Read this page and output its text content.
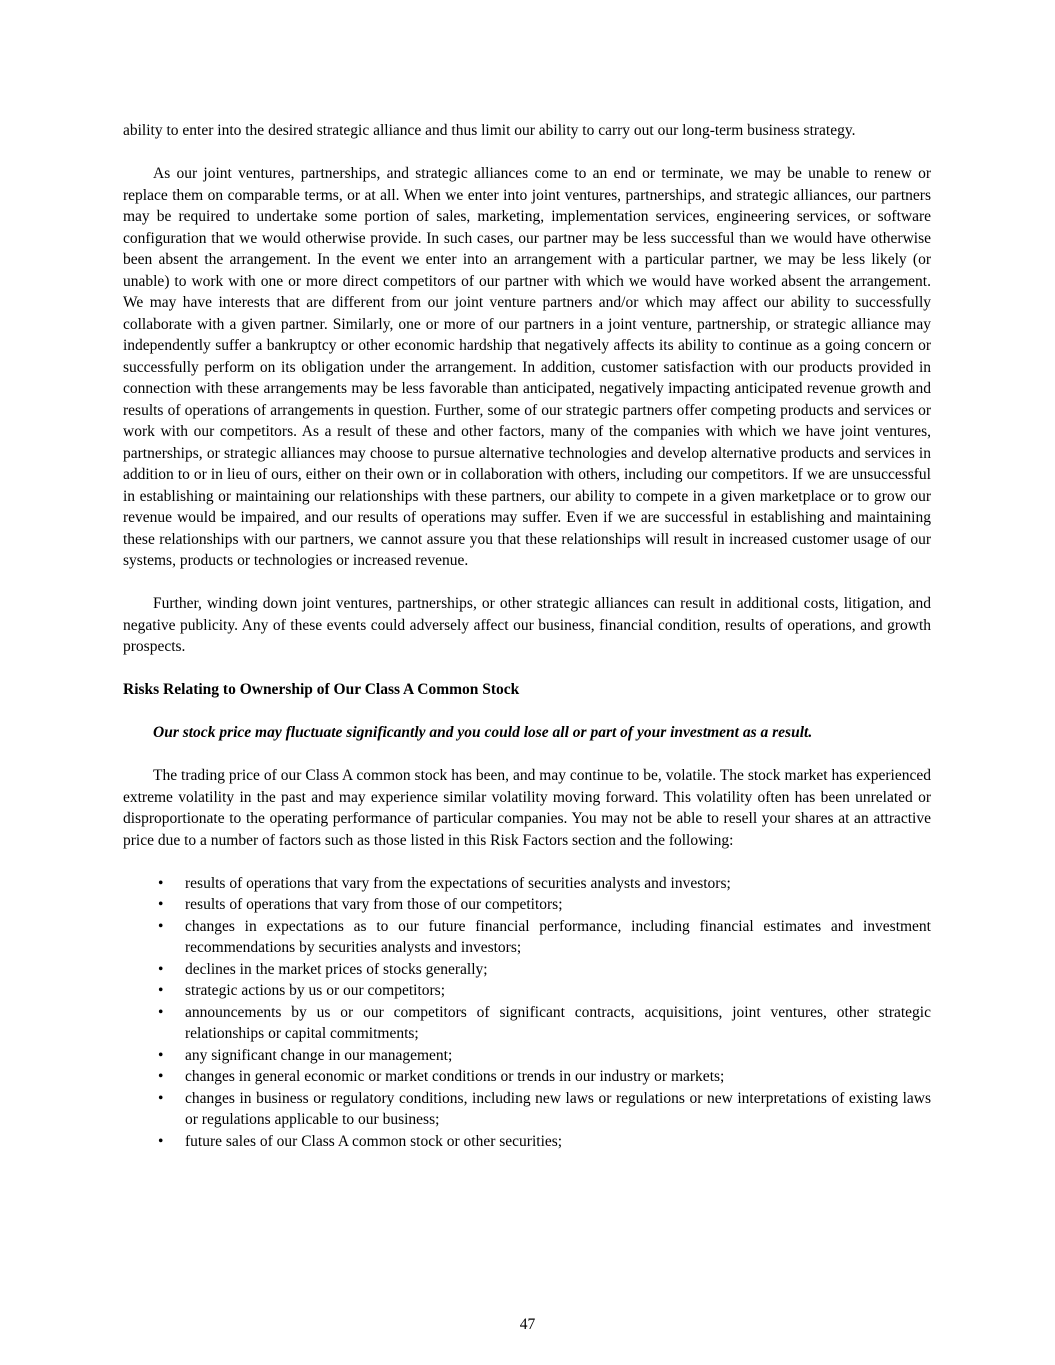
ability to enter into the desired strategic alliance and thus limit our ability to carry out our long-term business strategy.

As our joint ventures, partnerships, and strategic alliances come to an end or terminate, we may be unable to renew or replace them on comparable terms, or at all. When we enter into joint ventures, partnerships, and strategic alliances, our partners may be required to undertake some portion of sales, marketing, implementation services, engineering services, or software configuration that we would otherwise provide. In such cases, our partner may be less successful than we would have otherwise been absent the arrangement. In the event we enter into an arrangement with a particular partner, we may be less likely (or unable) to work with one or more direct competitors of our partner with which we would have worked absent the arrangement. We may have interests that are different from our joint venture partners and/or which may affect our ability to successfully collaborate with a given partner. Similarly, one or more of our partners in a joint venture, partnership, or strategic alliance may independently suffer a bankruptcy or other economic hardship that negatively affects its ability to continue as a going concern or successfully perform on its obligation under the arrangement. In addition, customer satisfaction with our products provided in connection with these arrangements may be less favorable than anticipated, negatively impacting anticipated revenue growth and results of operations of arrangements in question. Further, some of our strategic partners offer competing products and services or work with our competitors. As a result of these and other factors, many of the companies with which we have joint ventures, partnerships, or strategic alliances may choose to pursue alternative technologies and develop alternative products and services in addition to or in lieu of ours, either on their own or in collaboration with others, including our competitors. If we are unsuccessful in establishing or maintaining our relationships with these partners, our ability to compete in a given marketplace or to grow our revenue would be impaired, and our results of operations may suffer. Even if we are successful in establishing and maintaining these relationships with our partners, we cannot assure you that these relationships will result in increased customer usage of our systems, products or technologies or increased revenue.

Further, winding down joint ventures, partnerships, or other strategic alliances can result in additional costs, litigation, and negative publicity. Any of these events could adversely affect our business, financial condition, results of operations, and growth prospects.

Risks Relating to Ownership of Our Class A Common Stock

Our stock price may fluctuate significantly and you could lose all or part of your investment as a result.

The trading price of our Class A common stock has been, and may continue to be, volatile. The stock market has experienced extreme volatility in the past and may experience similar volatility moving forward. This volatility often has been unrelated or disproportionate to the operating performance of particular companies. You may not be able to resell your shares at an attractive price due to a number of factors such as those listed in this Risk Factors section and the following:

• results of operations that vary from the expectations of securities analysts and investors;
• results of operations that vary from those of our competitors;
• changes in expectations as to our future financial performance, including financial estimates and investment recommendations by securities analysts and investors;
• declines in the market prices of stocks generally;
• strategic actions by us or our competitors;
• announcements by us or our competitors of significant contracts, acquisitions, joint ventures, other strategic relationships or capital commitments;
• any significant change in our management;
• changes in general economic or market conditions or trends in our industry or markets;
• changes in business or regulatory conditions, including new laws or regulations or new interpretations of existing laws or regulations applicable to our business;
• future sales of our Class A common stock or other securities;
47
